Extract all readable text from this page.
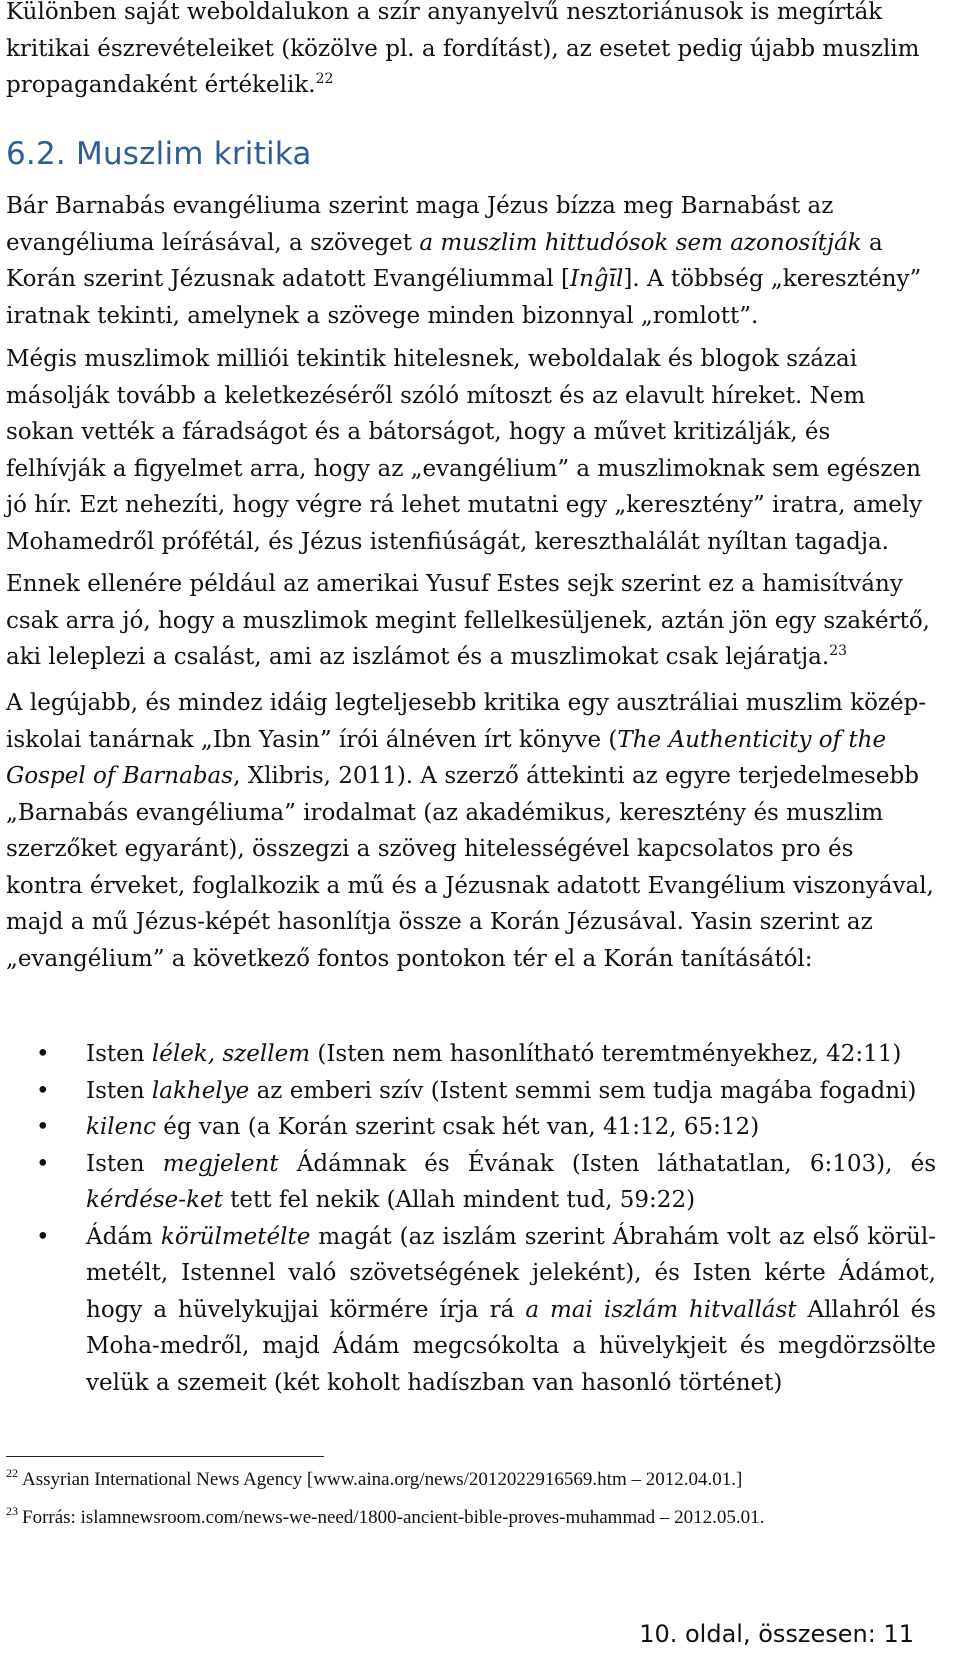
Különben saját weboldalukon a szír anyanyelvű nesztoriánusok is megírták kritikai észrevételeiket (közölve pl. a fordítást), az esetet pedig újabb muszlim propagandaként értékelik.$^{22}$

6.2. Muszlim kritika

Bár Barnabás evangéliuma szerint maga Jézus bízza meg Barnabást az evangéliuma leírásával, a szöveget a muszlim hittudósok sem azonosítják a Korán szerint Jézusnak adatott Evangéliummal [Inĝīl]. A többség „keresztény” iratnak tekinti, amelynek a szövege minden bizonnyal „romlott”.

Mégis muszlimok milliói tekintik hitelesnek, weboldalak és blogok százai másolják tovább a keletkezéséről szóló mítoszt és az elavult híreket. Nem sokan vették a fáradságot és a bátorságot, hogy a művet kritizálják, és felhívják a figyelmet arra, hogy az „evangélium” a muszlimoknak sem egészen jó hír. Ezt nehezíti, hogy végre rá lehet mutatni egy „keresztény” iratra, amely Mohamedről prófétál, és Jézus istenfiúságát, kereszthalálát nyíltan tagadja.

Ennek ellenére például az amerikai Yusuf Estes sejk szerint ez a hamisítvány csak arra jó, hogy a muszlimok megint fellelkesüljenek, aztán jön egy szakértő, aki leleplezi a csalást, ami az iszlámot és a muszlimokat csak lejáratja.$^{23}$

A legújabb, és mindez idáig legteljesebb kritika egy ausztráliai muszlim közép-iskolai tanárnak „Ibn Yasin” írói álnéven írt könyve (The Authenticity of the Gospel of Barnabas, Xlibris, 2011). A szerző áttekinti az egyre terjedelmesebb „Barnabás evangéliuma” irodalmat (az akadémikus, keresztény és muszlim szerzőket egyaránt), összegzi a szöveg hitelességével kapcsolatos pro és kontra érveket, foglalkozik a mű és a Jézusnak adatott Evangélium viszonyával, majd a mű Jézus-képét hasonlítja össze a Korán Jézusával. Yasin szerint az „evangélium” a következő fontos pontokon tér el a Korán tanításától:

• Isten lélek, szellem (Isten nem hasonlítható teremtményekhez, 42:11)
• Isten lakhelye az emberi szív (Istent semmi sem tudja magába fogadni)
• kilenc ég van (a Korán szerint csak hét van, 41:12, 65:12)
• Isten megjelent Ádámnak és Évának (Isten láthatatlan, 6:103), és kérdése-ket tett fel nekik (Allah mindent tud, 59:22)
• Ádám körülmetélte magát (az iszlám szerint Ábrahám volt az első körül-metélt, Istennel való szövetségének jeleként), és Isten kérte Ádámot, hogy a hüvelykujjai körmére írja rá a mai iszlám hitvallást Allahról és Moha-medről, majd Ádám megcsókolta a hüvelykjeit és megdörzsölte velük a szemeit (két koholt hadíszban van hasonló történet)

$^{22}$ Assyrian International News Agency [www.aina.org/news/2012022916569.htm – 2012.04.01.]

$^{23}$ Forrás: islamnewsroom.com/news-we-need/1800-ancient-bible-proves-muhammad – 2012.05.01.

10. oldal, összesen: 11
